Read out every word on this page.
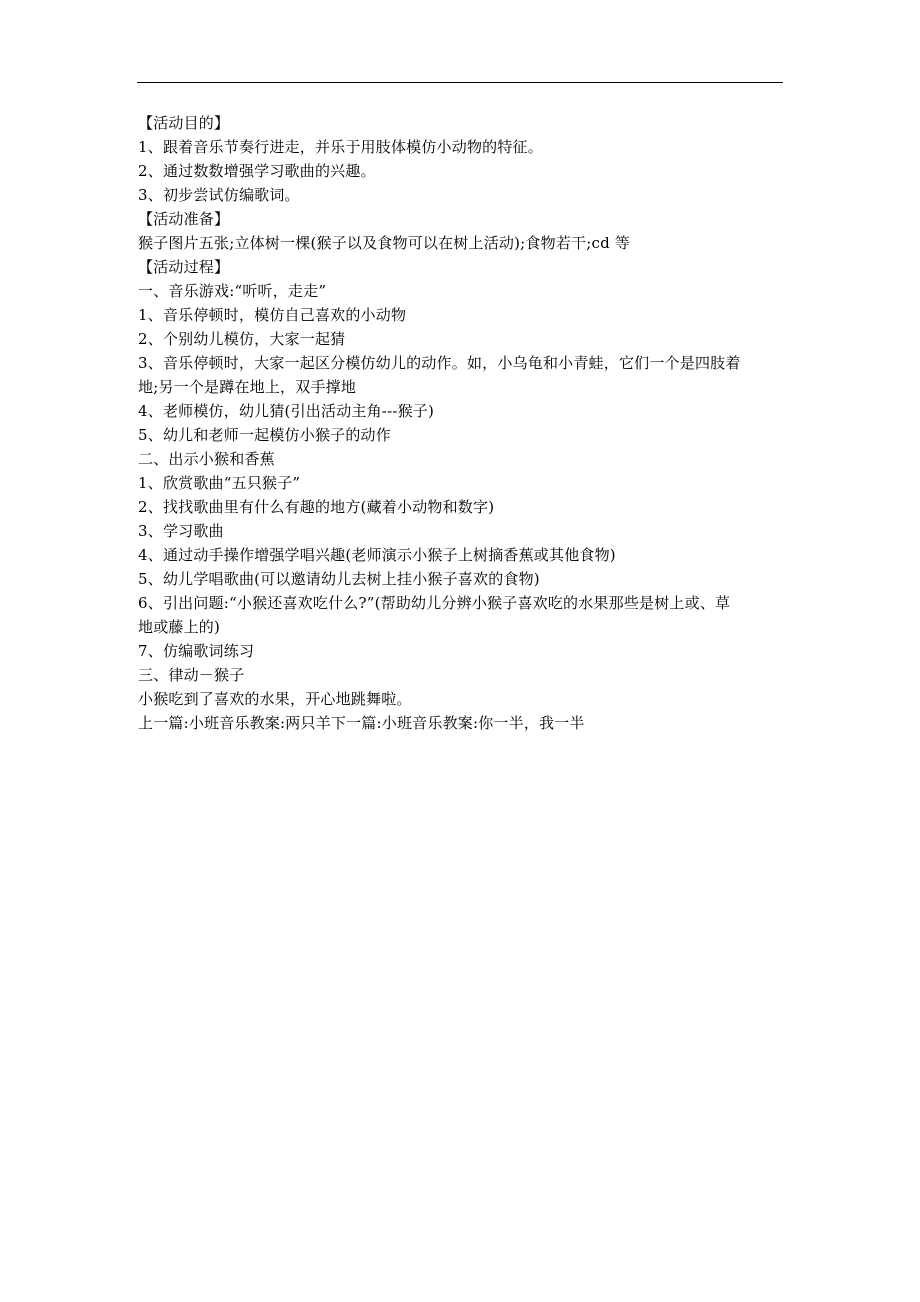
【活动目的】
1、跟着音乐节奏行进走，并乐于用肢体模仿小动物的特征。
2、通过数数增强学习歌曲的兴趣。
3、初步尝试仿编歌词。
【活动准备】
猴子图片五张;立体树一棵(猴子以及食物可以在树上活动);食物若干;cd 等
【活动过程】
一、音乐游戏:“听听，走走”
1、音乐停顿时，模仿自己喜欢的小动物
2、个别幼儿模仿，大家一起猜
3、音乐停顿时，大家一起区分模仿幼儿的动作。如，小乌龟和小青蛙，它们一个是四肢着
地;另一个是蹲在地上，双手撑地
4、老师模仿，幼儿猜(引出活动主角---猴子)
5、幼儿和老师一起模仿小猴子的动作
二、出示小猴和香蕉
1、欣赏歌曲“五只猴子”
2、找找歌曲里有什么有趣的地方(藏着小动物和数字)
3、学习歌曲
4、通过动手操作增强学唱兴趣(老师演示小猴子上树摘香蕉或其他食物)
5、幼儿学唱歌曲(可以邀请幼儿去树上挂小猴子喜欢的食物)
6、引出问题:“小猴还喜欢吃什么?”(帮助幼儿分辨小猴子喜欢吃的水果那些是树上或、草
地或藤上的)
7、仿编歌词练习
三、律动－猴子
小猴吃到了喜欢的水果，开心地跳舞啦。
上一篇:小班音乐教案:两只羊下一篇:小班音乐教案:你一半，我一半
